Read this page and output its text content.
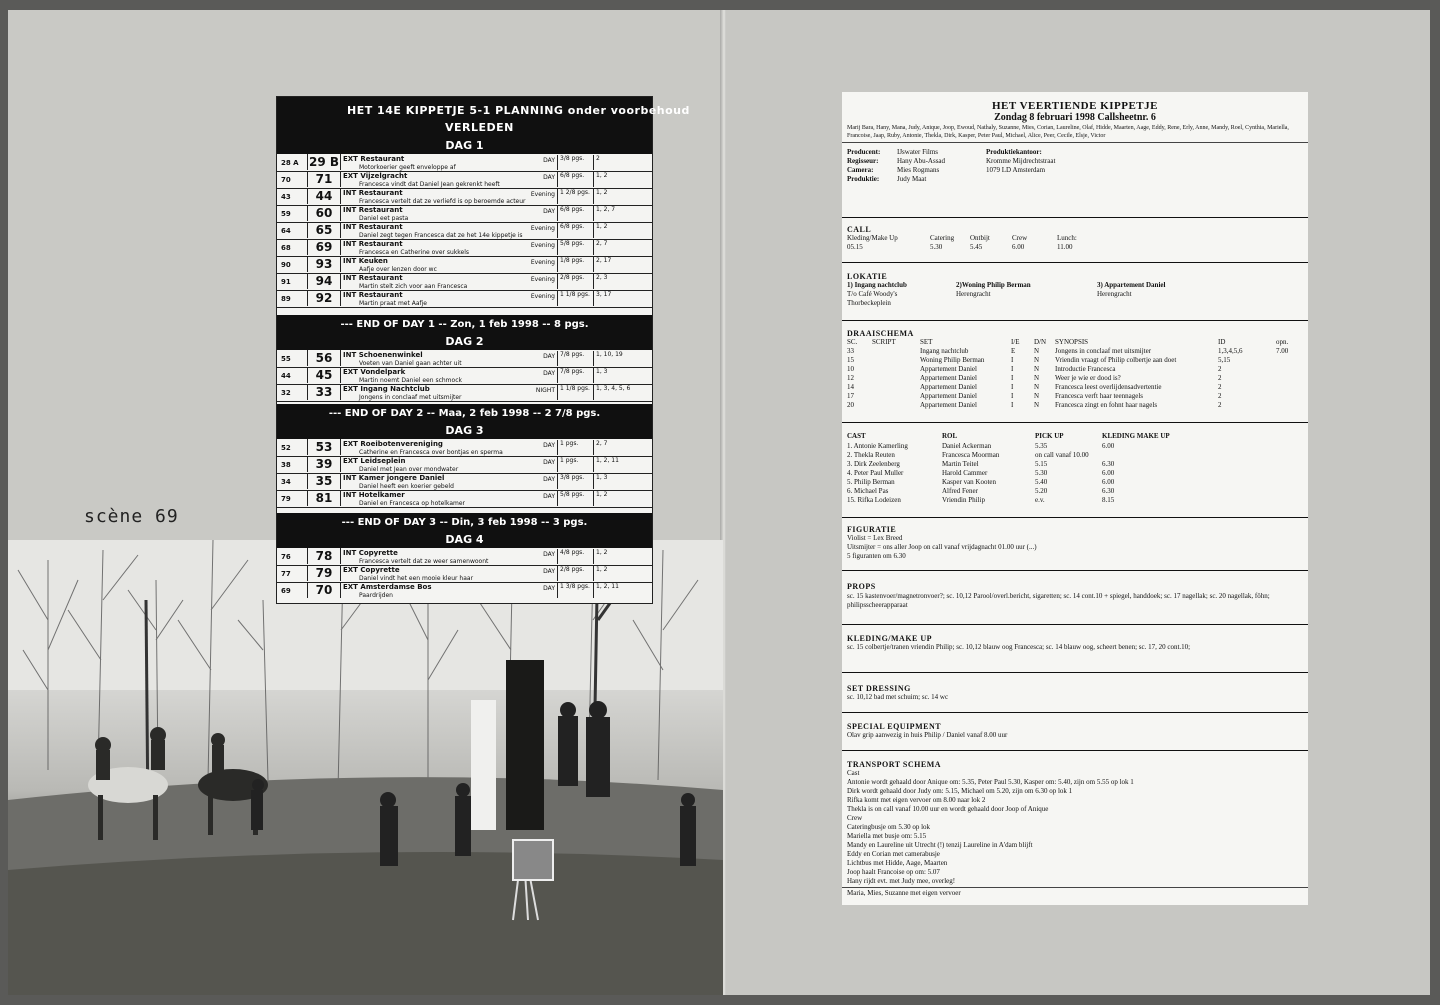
scène 69
HET 14E KIPPETJE 5-1 PLANNING onder voorbehoud
VERLEDEN
DAG 1
28 A 29 B EXT Restaurant
Motorkoerier geeft enveloppe af
DAY 3/8 pgs.	2
70	71	EXT Vijzelgracht
Francesca vindt dat Daniel Jean gekrenkt heeft
DAY 6/8 pgs.	1, 2
43	44	INT Restaurant
Francesca vertelt dat ze verliefd is op beroemde acteur
Evening 1 2/8 pgs.	1, 2
59	60	INT Restaurant
Daniel eet pasta
DAY 6/8 pgs.	1, 2, 7
64	65	INT Restaurant
Daniel zegt tegen Francesca dat ze het 14e kippetje is
Evening 6/8 pgs.	1, 2
68	69	INT Restaurant
Francesca en Catherine over sukkels
Evening 5/8 pgs.	2, 7
90	93	INT Keuken
Aafje over lenzen door wc
Evening 1/8 pgs.	2, 17
91	94	INT Restaurant
Martin stelt zich voor aan Francesca
Evening 2/8 pgs.	2, 3
89	92	INT Restaurant
Martin praat met Aafje
Evening 1 1/8 pgs.	3, 17
--- END OF DAY 1 -- Zon, 1 feb 1998 -- 8 pgs.
DAG 2
55	56	INT Schoenenwinkel
Voeten van Daniel gaan achter uit
DAY 7/8 pgs.	1, 10, 19
44	45	EXT Vondelpark
Martin noemt Daniel een schmock
DAY 7/8 pgs.	1, 3
32	33	EXT Ingang Nachtclub
Jongens in conclaaf met uitsmijter
NIGHT 1 1/8 pgs.	1, 3, 4, 5, 6
--- END OF DAY 2 -- Maa, 2 feb 1998 -- 2 7/8 pgs.
DAG 3
52	53	EXT Roeibotenvereniging
Catherine en Francesca over bontjas en sperma
DAY 1 pgs.	2, 7
38	39	EXT Leidseplein
Daniel met Jean over mondwater
DAY 1 pgs.	1, 2, 11
34	35	INT Kamer jongere Daniel
Daniel heeft een koerier gebeld
DAY 3/8 pgs.	1, 3
79	81	INT Hotelkamer
Daniel en Francesca op hotelkamer
DAY 5/8 pgs.	1, 2
--- END OF DAY 3 -- Din, 3 feb 1998 -- 3 pgs.
DAG 4
76	78	INT Copyrette
Francesca vertelt dat ze weer samenwoont
DAY 4/8 pgs.	1, 2
77	79	EXT Copyrette
Daniel vindt het een mooie kleur haar
DAY 2/8 pgs.	1, 2
69	70	EXT Amsterdamse Bos
Paardrijden
DAY 1 3/8 pgs.	1, 2, 11
HET VEERTIENDE KIPPETJE
Zondag 8 februari 1998 Callsheetnr. 6
Marij Bara, Hany, Mana, Judy, Anique, Joop, Ewoud, Nathaly, Suzanne, Mies, Corian, Laureline, Olaf, Hidde, Maarten, Aage, Eddy, Rene, Erly, Anne, Mandy, Roel, Cynthia, Mariella, Francoise, Jaap, Ruby, Antonie, Thekla, Dirk, Kasper, Peter Paul, Michael, Alice, Peer, Cecile, Elsje, Victor
Producent: IJswater Films
Regisseur:	Hany Abu-Assad
Camera:	Mies Rogmans
Produktie:	Judy Maat
Produktiekantoor:
Kromme Mijdrechtstraat
1079 LD Amsterdam
CALL
Kleding/Make Up	Catering Ontbijt	Crew	Lunch:
05.15	5.30	5.45	6.00	11.00
LOKATIE
1) Ingang nachtclub
T/o Café Woody's
Thorbeckeplein
2)Woning Philip Berman
Herengracht
3) Appartement Daniel
Herengracht
DRAAISCHEMA
SC. SCRIPT	SET	I/E D/N SYNOPSIS	ID	opn.
33	Ingang nachtclub	E	N Jongens in conclaaf met uitsmijter	1,3,4,5,6	7.00
15	Woning Philip Berman	I	N Vriendin vraagt of Philip colbertje aan doet	5,15
10	Appartement Daniel	I	N Introductie Francesca	2
12	Appartement Daniel	I	N Weer je wie er dood is?	2
14	Appartement Daniel	I	N Francesca leest overlijdensadvertentie	2
17	Appartement Daniel	I	N Francesca verft haar teennagels	2
20	Appartement Daniel	I	N Francesca zingt en fohnt haar nagels	2
CAST	ROL	PICK UP	KLEDING MAKE UP
1. Antonie Kamerling	Daniel Ackerman	5.35	6.00
2. Thekla Reuten	Francesca Moorman	on call vanaf 10.00
3. Dirk Zeelenberg	Martin Teitel	5.15	6.30
4. Peter Paul Muller	Harold Cammer	5.30	6.00
5. Philip Berman	Kasper van Kooten	5.40	6.00
6. Michael Pas	Alfred Fener	5.20	6.30
15. Rifka Lodeizen	Vriendin Philip	e.v.	8.15
FIGURATIE
Violist = Lex Breed
Uitsmijter = ons aller Joop on call vanaf vrijdagnacht 01.00 uur (...)
5 figuranten om 6.30
PROPS
sc. 15 kastenvoer/magnetronvoer?; sc. 10,12 Parool/overl.bericht, sigaretten; sc. 14 cont.10 + spiegel, handdoek; sc. 17 nagellak; sc. 20 nagellak, föhn; philipsscheerapparaat
KLEDING/MAKE UP
sc. 15 colbertje/tranen vriendin Philip; sc. 10,12 blauw oog Francesca; sc. 14 blauw oog, scheert benen; sc. 17, 20 cont.10;
SET DRESSING
sc. 10,12 bad met schuim; sc. 14 wc
SPECIAL EQUIPMENT
Olav grip aanwezig in huis Philip / Daniel vanaf 8.00 uur
TRANSPORT SCHEMA
Cast
Antonie wordt gehaald door Anique om: 5.35, Peter Paul 5.30, Kasper om: 5.40, zijn om 5.55 op lok 1
Dirk wordt gehaald door Judy om: 5.15, Michael om 5.20, zijn om 6.30 op lok 1
Rifka komt met eigen vervoer om 8.00 naar lok 2
Thekla is on call vanaf 10.00 uur en wordt gehaald door Joop of Anique
Crew
Cateringbusje om 5.30 op lok
Mariella met busje om: 5.15
Mandy en Laureline uit Utrecht (!) tenzij Laureline in A'dam blijft
Eddy en Corian met camerabusje
Lichtbus met Hidde, Aage, Maarten
Joop haalt Francoise op om: 5.07
Hany rijdt evt. met Judy mee, overleg!
Maria, Mies, Suzanne met eigen vervoer
